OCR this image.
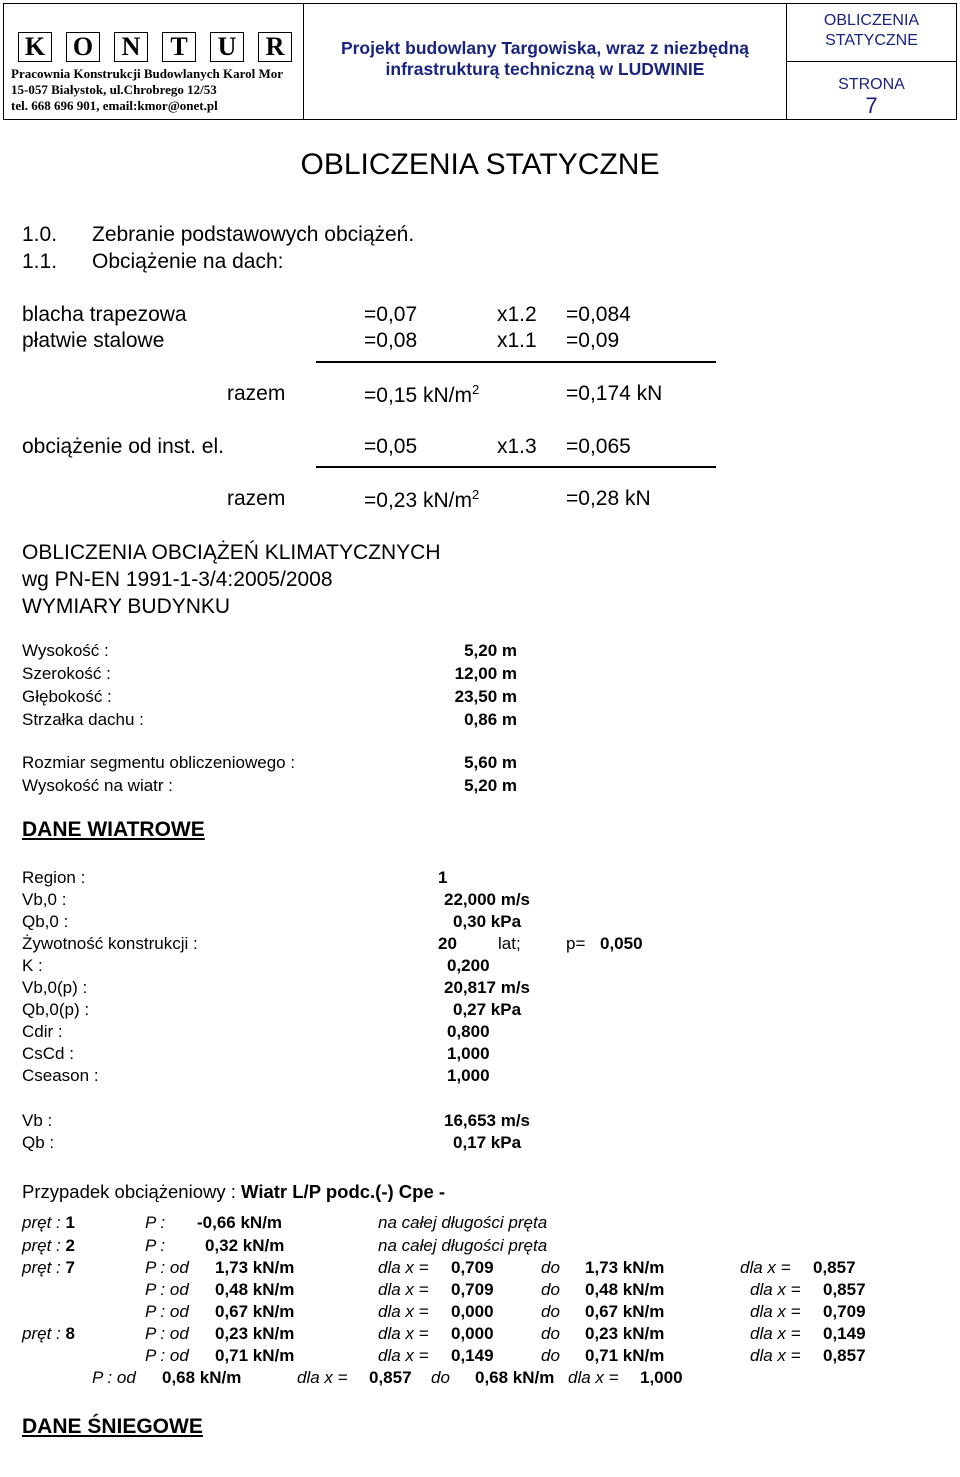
K O N	T	U R
Pracownia Konstrukcji Budowlanych Karol Mor
15-057 Białystok, ul.Chrobrego 12/53
tel. 668 696 901, email:kmor@onet.pl
Projekt budowlany Targowiska, wraz z niezbędną infrastrukturą techniczną w LUDWINIE
OBLICZENIA
STATYCZNE
STRONA
7
OBLICZENIA STATYCZNE
1.0. Zebranie podstawowych obciążeń.
1.1. Obciążenie na dach:
blacha trapezowa	=0,07	x1.2 =0,084
płatwie stalowe	=0,08	x1.1 =0,09
razem	=0,15 $kN/m^2$	=0,174 kN
obciążenie od inst. el.	=0,05	x1.3 =0,065
razem	=0,23 $kN/m^2$	=0,28 kN
OBLICZENIA OBCIĄŻEŃ KLIMATYCZNYCH
wg PN-EN 1991-1-3/4:2005/2008
WYMIARY BUDYNKU
Wysokość :	5,20 m
Szerokość :	12,00 m
Głębokość :	23,50 m
Strzałka dachu :	0,86 m
Rozmiar segmentu obliczeniowego :	5,60 m
Wysokość na wiatr :	5,20 m
DANE WIATROWE
Region :	1
Vb,0 :	22,000 m/s
Qb,0 :	0,30 kPa
Żywotność konstrukcji :	20 lat;	p= 0,050
K :	0,200
Vb,0(p) :	20,817 m/s
Qb,0(p) :	0,27 kPa
Cdir :	0,800
CsCd :	1,000
Cseason :	1,000
Vb :	16,653 m/s
Qb :	0,17 kPa
Przypadek obciążeniowy : Wiatr L/P podc.(-) Cpe -
pręt : 1	P : -0,66 kN/m	na całej długości pręta
pręt : 2	P : 0,32 kN/m	na całej długości pręta
pręt : 7	P : od 1,73 kN/m	dla x = 0,709	do 1,73 kN/m	dla x = 0,857
P : od 0,48 kN/m	dla x = 0,709	do 0,48 kN/m	dla x = 0,857
P : od 0,67 kN/m	dla x = 0,000	do 0,67 kN/m	dla x = 0,709
pręt : 8	P : od 0,23 kN/m	dla x = 0,000	do 0,23 kN/m	dla x = 0,149
P : od 0,71 kN/m	dla x = 0,149	do 0,71 kN/m	dla x = 0,857
P : od 0,68 kN/m	dla x = 0,857 do 0,68 kN/m dla x = 1,000
DANE ŚNIEGOWE
